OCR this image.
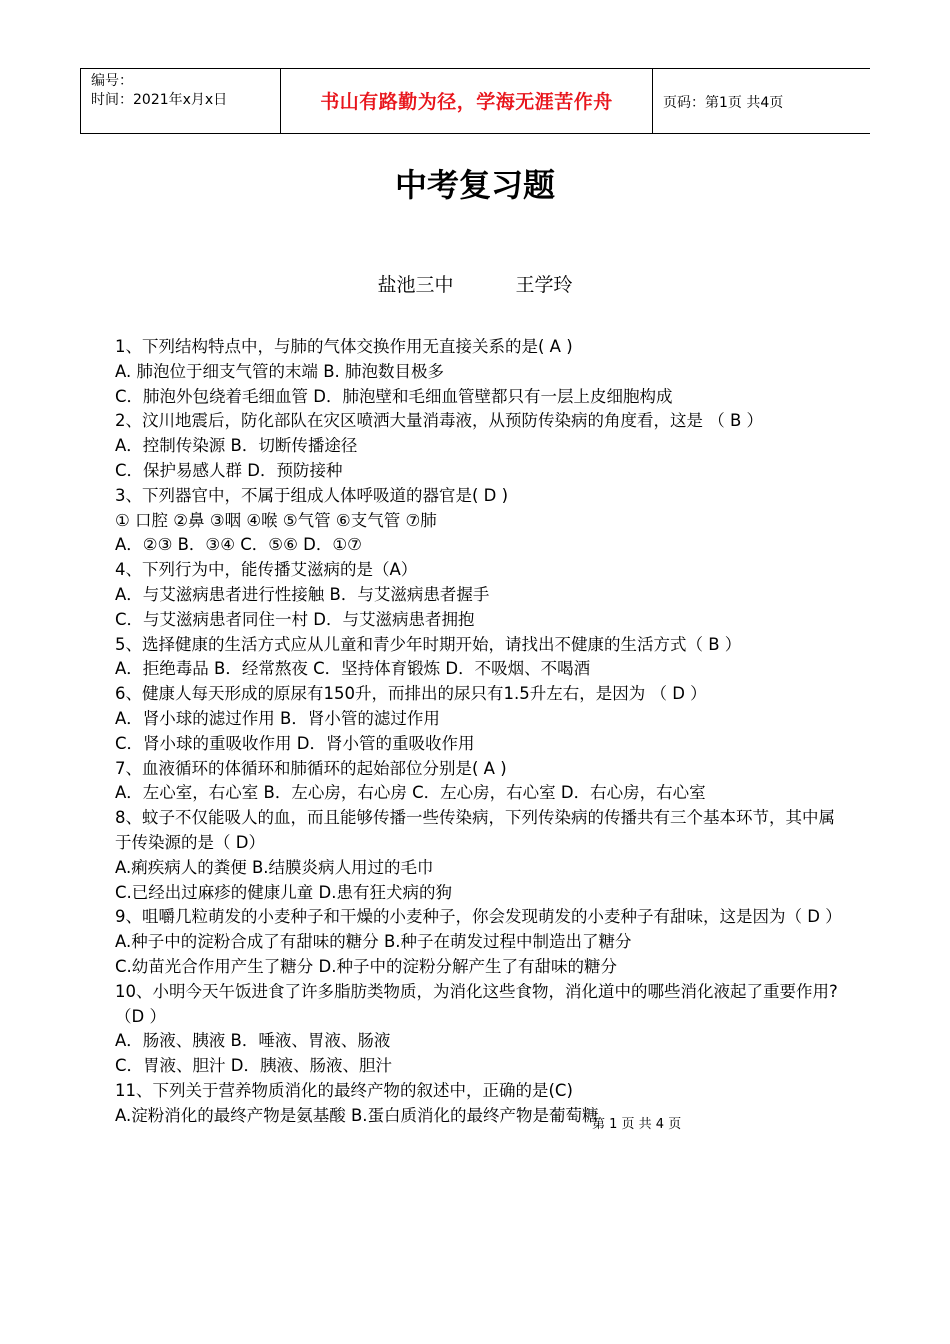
编号：
时间：2021年x月x日	书山有路勤为径，学海无涯苦作舟	页码：第1页 共4页
中考复习题
盐池三中	王学玲
1、下列结构特点中，与肺的气体交换作用无直接关系的是( A )
A. 肺泡位于细支气管的末端 B. 肺泡数目极多
C．肺泡外包绕着毛细血管 D．肺泡壁和毛细血管壁都只有一层上皮细胞构成
2、汶川地震后，防化部队在灾区喷洒大量消毒液，从预防传染病的角度看，这是 （ B ）
A．控制传染源 B．切断传播途径
C．保护易感人群 D．预防接种
3、下列器官中，不属于组成人体呼吸道的器官是( D )
① 口腔 ②鼻 ③咽 ④喉 ⑤气管 ⑥支气管 ⑦肺
A．②③ B．③④ C．⑤⑥ D．①⑦
4、下列行为中，能传播艾滋病的是（A）
A．与艾滋病患者进行性接触 B．与艾滋病患者握手
C．与艾滋病患者同住一村 D．与艾滋病患者拥抱
5、选择健康的生活方式应从儿童和青少年时期开始，请找出不健康的生活方式（ B ）
A．拒绝毒品 B．经常熬夜 C．坚持体育锻炼 D．不吸烟、不喝酒
6、健康人每天形成的原尿有150升，而排出的尿只有1.5升左右，是因为 （ D ）
A．肾小球的滤过作用 B．肾小管的滤过作用
C．肾小球的重吸收作用 D．肾小管的重吸收作用
7、血液循环的体循环和肺循环的起始部位分别是( A )
A．左心室，右心室 B．左心房，右心房 C．左心房，右心室 D．右心房，右心室
8、蚊子不仅能吸人的血，而且能够传播一些传染病，下列传染病的传播共有三个基本环节，其中属于传染源的是（ D）
A.痢疾病人的粪便 B.结膜炎病人用过的毛巾
C.已经出过麻疹的健康儿童 D.患有狂犬病的狗
9、咀嚼几粒萌发的小麦种子和干燥的小麦种子，你会发现萌发的小麦种子有甜味，这是因为（ D ）
A.种子中的淀粉合成了有甜味的糖分 B.种子在萌发过程中制造出了糖分
C.幼苗光合作用产生了糖分 D.种子中的淀粉分解产生了有甜味的糖分
10、小明今天午饭进食了许多脂肪类物质，为消化这些食物，消化道中的哪些消化液起了重要作用?（D ）
A．肠液、胰液 B．唾液、胃液、肠液
C．胃液、胆汁 D．胰液、肠液、胆汁
11、下列关于营养物质消化的最终产物的叙述中，正确的是(C)
A.淀粉消化的最终产物是氨基酸 B.蛋白质消化的最终产物是葡萄糖
第 1 页 共 4 页
